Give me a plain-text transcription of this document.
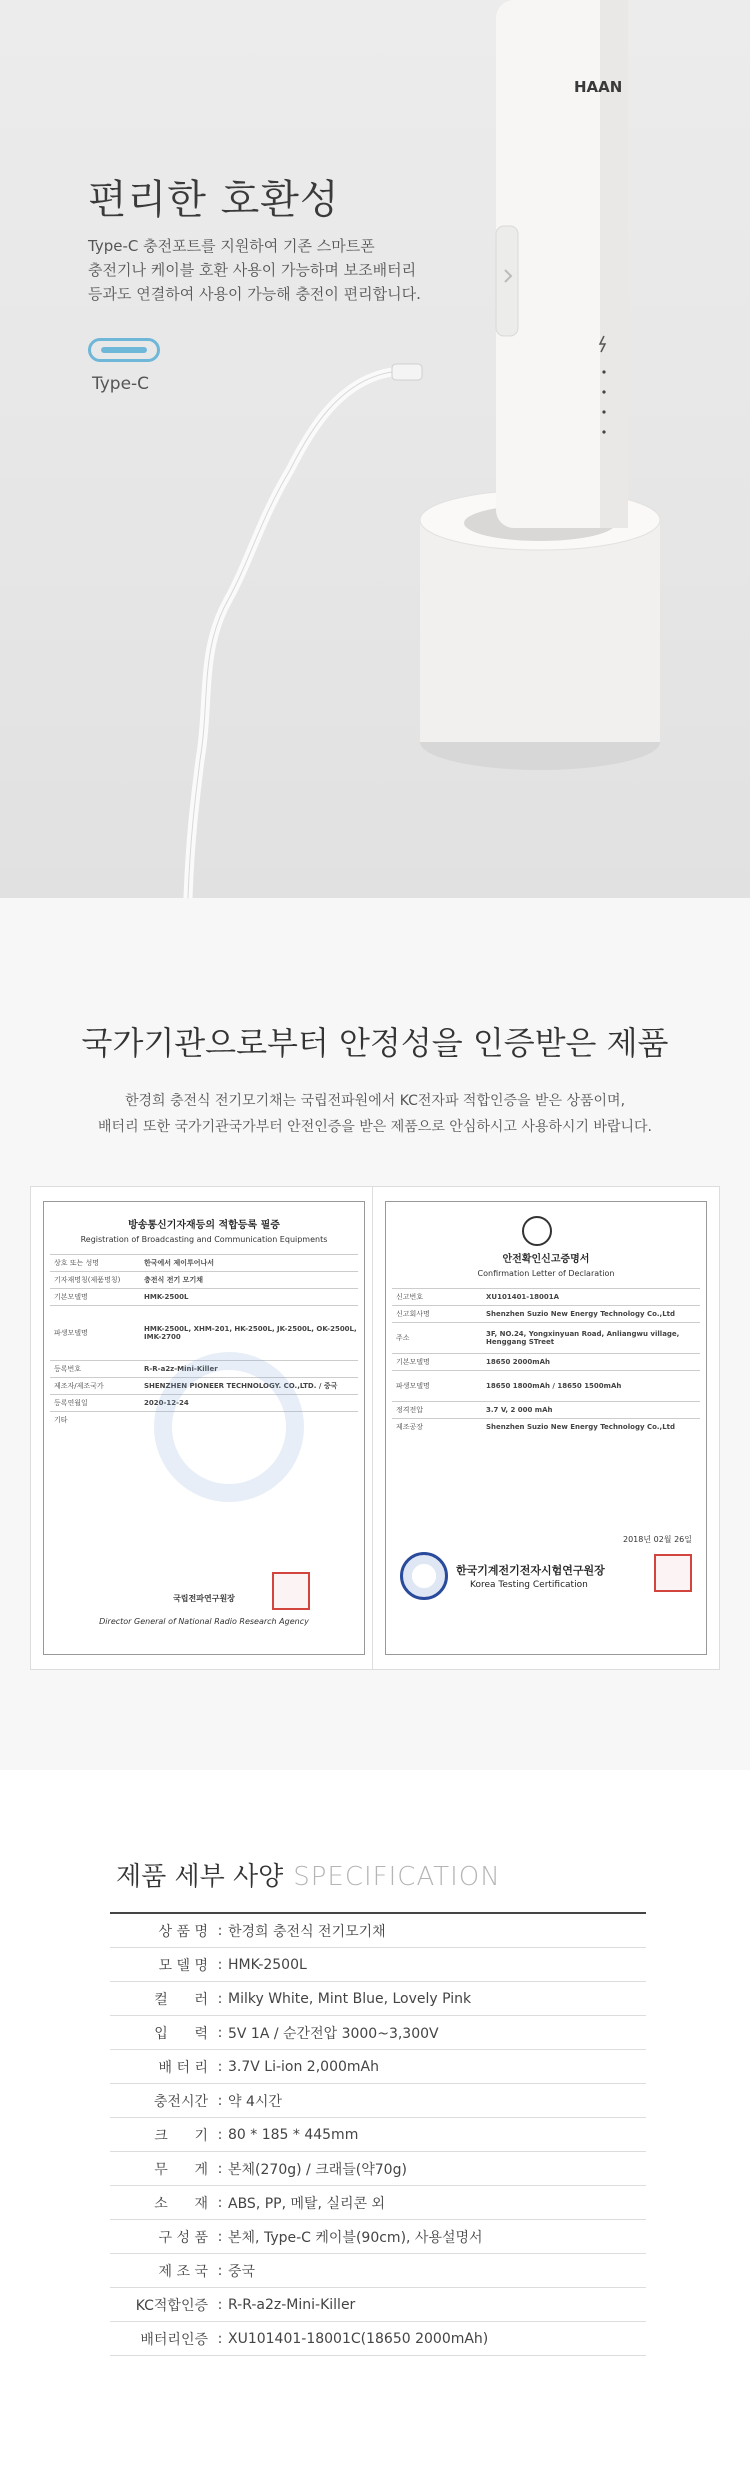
HAAN
편리한 호환성
Type-C 충전포트를 지원하여 기존 스마트폰
충전기나 케이블 호환 사용이 가능하며 보조배터리
등과도 연결하여 사용이 가능해 충전이 편리합니다.
Type-C
국가기관으로부터 안정성을 인증받은 제품
한경희 충전식 전기모기채는 국립전파원에서 KC전자파 적합인증을 받은 상품이며,
배터리 또한 국가기관국가부터 안전인증을 받은 제품으로 안심하시고 사용하시기 바랍니다.
방송통신기자재등의 적합등록 필증
Registration of Broadcasting and Communication Equipments
상호 또는 성명	한국에서 제이투어나서
기자재명칭(제품명칭)	충전식 전기 모기채
기본모델명	HMK-2500L
파생모델명	HMK-2500L, XHM-201, HK-2500L, JK-2500L, OK-2500L, IMK-2700
등록번호	R-R-a2z-Mini-Killer
제조자/제조국가	SHENZHEN PIONEER TECHNOLOGY. CO.,LTD. / 중국
등록연월일	2020-12-24
기타
국립전파연구원장
Director General of National Radio Research Agency
안전확인신고증명서
Confirmation Letter of Declaration
신고번호	XU101401-18001A
신고회사명	Shenzhen Suzio New Energy Technology Co.,Ltd
주소	3F, NO.24, Yongxinyuan Road, Anliangwu village, Henggang STreet
기본모델명	18650 2000mAh
파생모델명	18650 1800mAh / 18650 1500mAh
정격전압	3.7 V, 2 000 mAh
제조공장	Shenzhen Suzio New Energy Technology Co.,Ltd
2018년 02월 26일
한국기계전기전자시험연구원장
Korea Testing Certification
제품 세부 사양 SPECIFICATION
상 품 명 : 한경희 충전식 전기모기채
모 델 명 : HMK-2500L
컬      러 : Milky White, Mint Blue, Lovely Pink
입      력 : 5V 1A / 순간전압 3000~3,300V
배 터 리 : 3.7V Li-ion 2,000mAh
충전시간 : 약 4시간
크      기 : 80 * 185 * 445mm
무      게 : 본체(270g) / 크래들(약70g)
소      재 : ABS, PP, 메탈, 실리콘 외
구 성 품 : 본체, Type-C 케이블(90cm), 사용설명서
제 조 국 : 중국
KC적합인증 : R-R-a2z-Mini-Killer
배터리인증 : XU101401-18001C(18650 2000mAh)
